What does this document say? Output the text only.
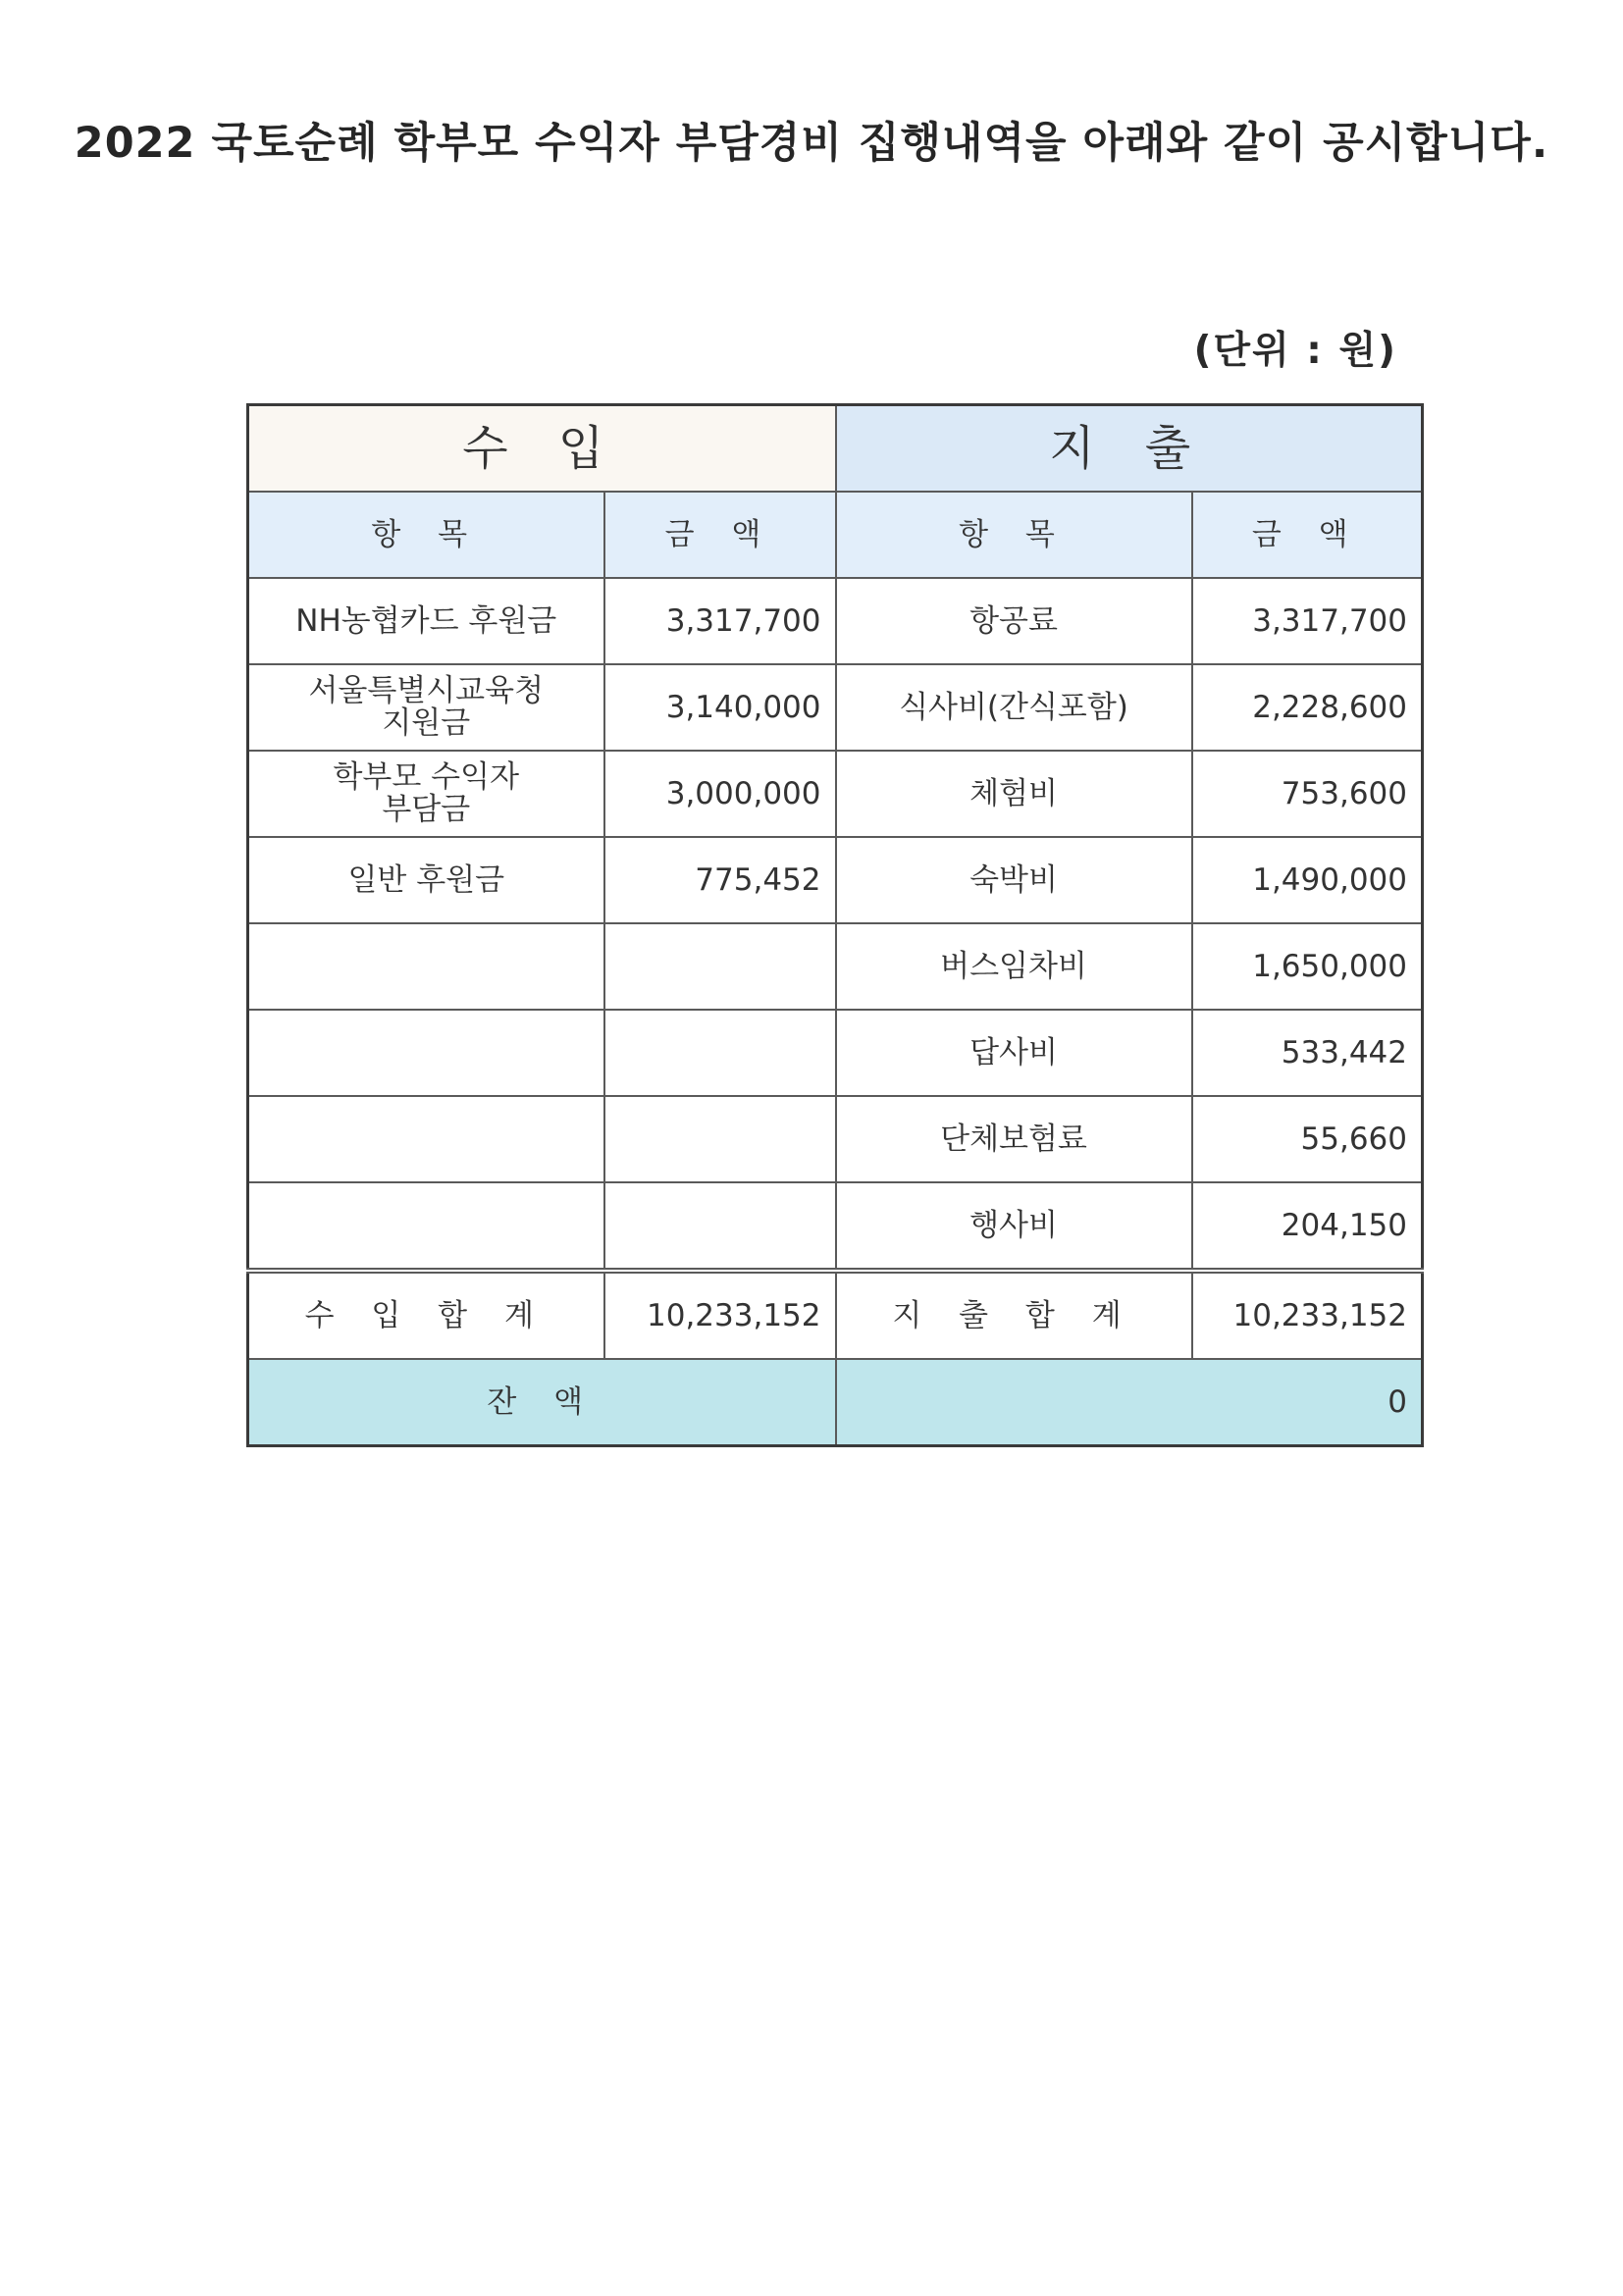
2022 국토순례 학부모 수익자 부담경비 집행내역을 아래와 같이 공시합니다.
(단위 : 원)
수 입		지 출	
항 목	금 액	항 목	금 액
NH농협카드 후원금	3,317,700	항공료	3,317,700
서울특별시교육청
지원금	3,140,000	식사비(간식포함)	2,228,600
학부모 수익자
부담금	3,000,000	체험비	753,600
일반 후원금	775,452	숙박비	1,490,000
		버스임차비	1,650,000
		답사비	533,442
		단체보험료	55,660
		행사비	204,150
수 입 합 계	10,233,152	지 출 합 계	10,233,152
잔 액		0	
